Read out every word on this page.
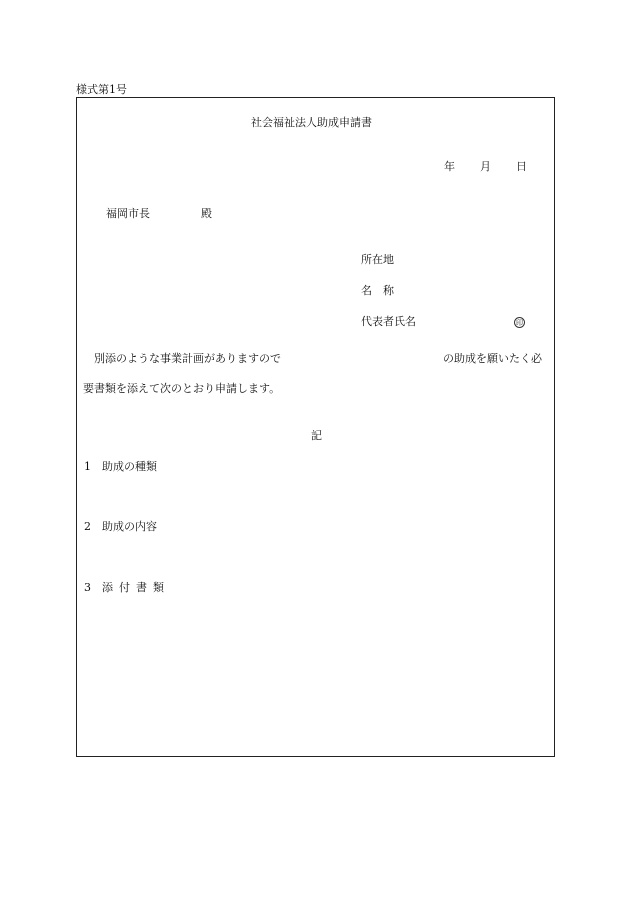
様式第1号
社会福祉法人助成申請書
年 月 日
福岡市長	殿
所在地
名　称
代表者氏名	印
別添のような事業計画がありますので	の助成を願いたく必
要書類を添えて次のとおり申請します。
記
1 助成の種類
2 助成の内容
3 添付書類
